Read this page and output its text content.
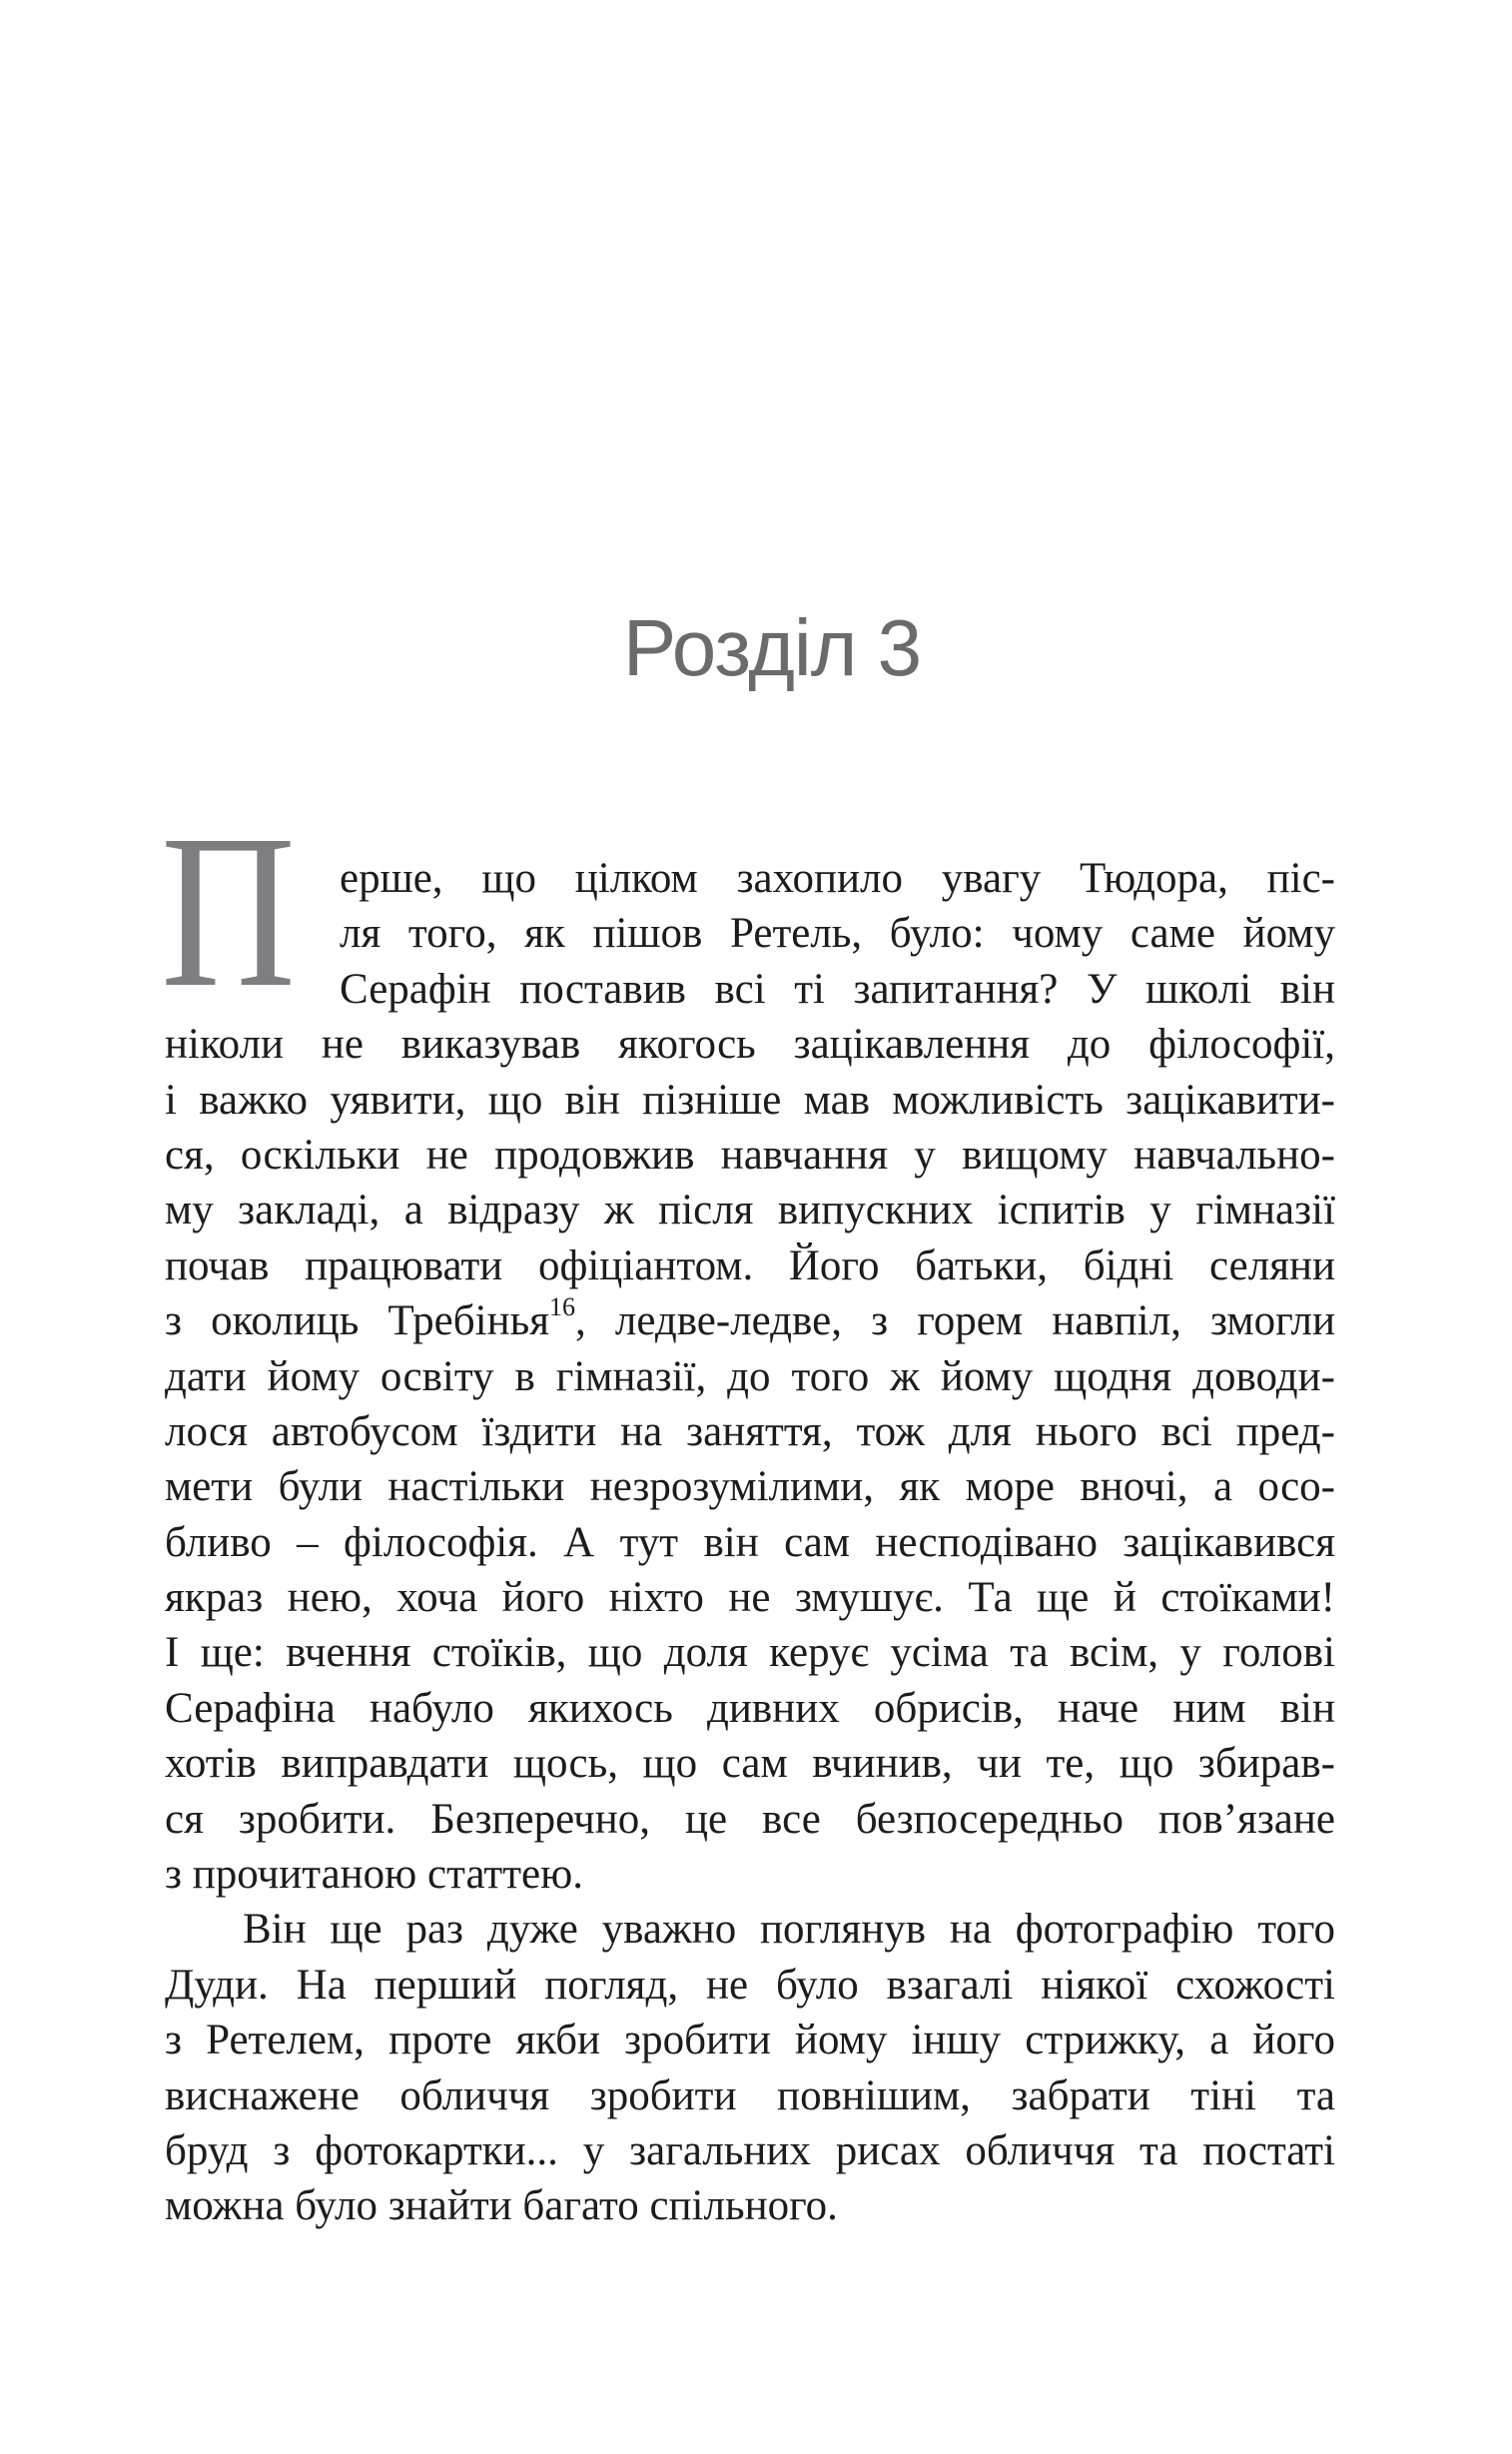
Розділ 3
П	ерше, що цілком захопило увагу Тюдора, піс-
ля того, як пішов Ретель, було: чому саме йому
Серафін поставив всі ті запитання? У школі він
ніколи не виказував якогось зацікавлення до філософії,
і важко уявити, що він пізніше мав можливість зацікавити-
ся, оскільки не продовжив навчання у вищому навчально-
му закладі, а відразу ж після випускних іспитів у гімназії
почав працювати офіціантом. Його батьки, бідні селяни
з околиць Требінья$^{16}$, ледве-ледве, з горем навпіл, змогли
дати йому освіту в гімназії, до того ж йому щодня доводи-
лося автобусом їздити на заняття, тож для нього всі пред-
мети були настільки незрозумілими, як море вночі, а осо-
бливо – філософія. А тут він сам несподівано зацікавився
якраз нею, хоча його ніхто не змушує. Та ще й стоїками!
І ще: вчення стоїків, що доля керує усіма та всім, у голові
Серафіна набуло якихось дивних обрисів, наче ним він
хотів виправдати щось, що сам вчинив, чи те, що збирав-
ся зробити. Безперечно, це все безпосередньо пов’язане
з прочитаною статтею.
Він ще раз дуже уважно поглянув на фотографію того
Дуди. На перший погляд, не було взагалі ніякої схожості
з Ретелем, проте якби зробити йому іншу стрижку, а його
виснажене обличчя зробити повнішим, забрати тіні та
бруд з фотокартки... у загальних рисах обличчя та постаті
можна було знайти багато спільного.
